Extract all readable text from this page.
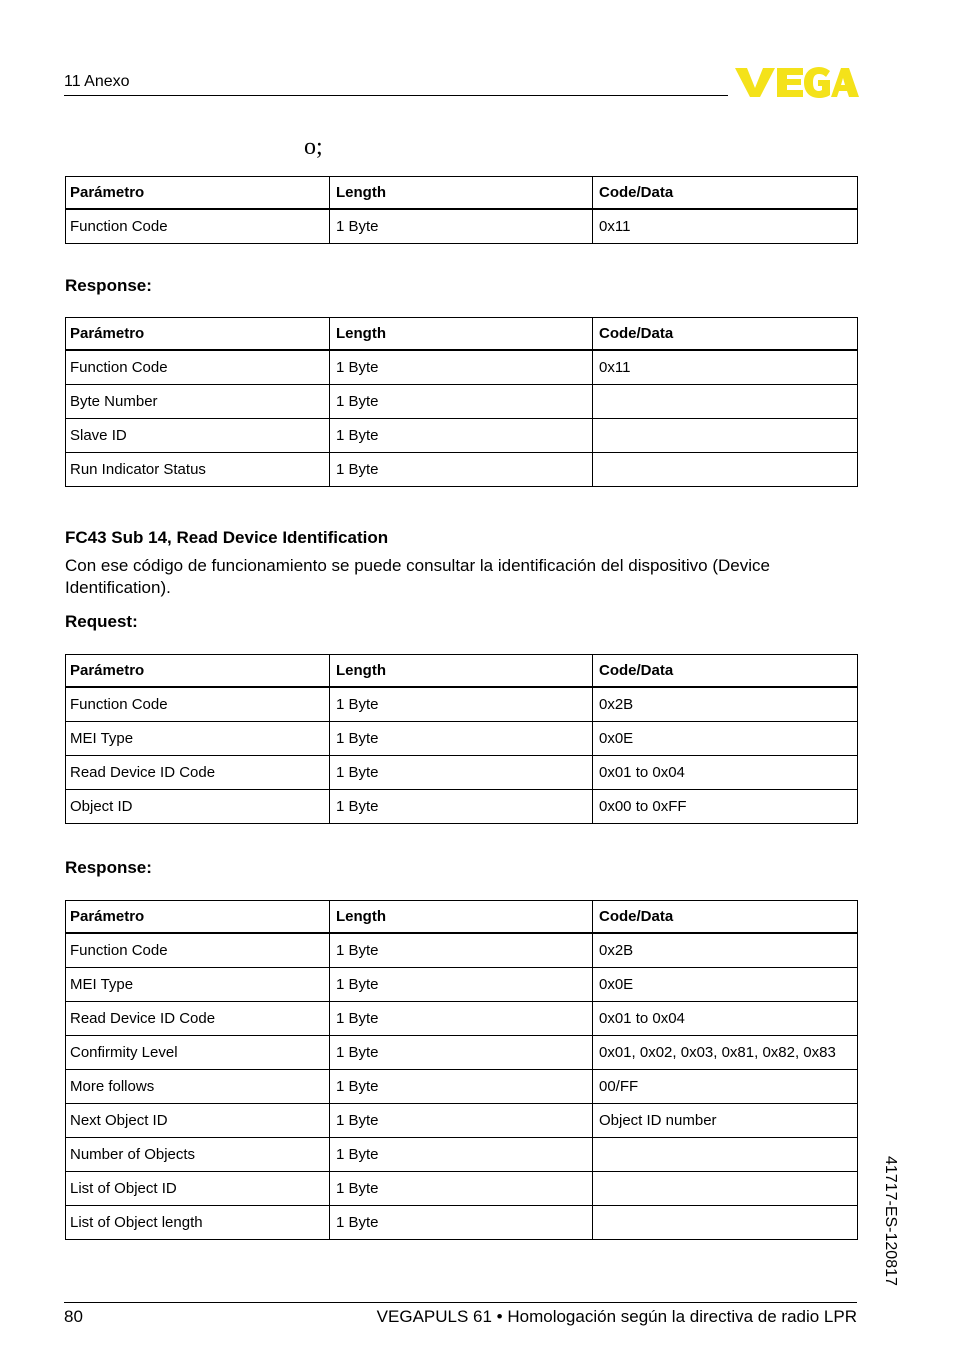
11 Anexo
o;
Parámetro	Length	Code/Data
Function Code	1 Byte	0x11
Response:
Parámetro	Length	Code/Data
Function Code	1 Byte	0x11
Byte Number	1 Byte	
Slave ID	1 Byte	
Run Indicator Status	1 Byte	
FC43 Sub 14, Read Device Identification
Con ese código de funcionamiento se puede consultar la identificación del dispositivo (Device Identification).
Request:
Parámetro	Length	Code/Data
Function Code	1 Byte	0x2B
MEI Type	1 Byte	0x0E
Read Device ID Code	1 Byte	0x01 to 0x04
Object ID	1 Byte	0x00 to 0xFF
Response:
Parámetro	Length	Code/Data
Function Code	1 Byte	0x2B
MEI Type	1 Byte	0x0E
Read Device ID Code	1 Byte	0x01 to 0x04
Confirmity Level	1 Byte	0x01, 0x02, 0x03, 0x81, 0x82, 0x83
More follows	1 Byte	00/FF
Next Object ID	1 Byte	Object ID number
Number of Objects	1 Byte	
List of Object ID	1 Byte	
List of Object length	1 Byte		41717-ES-120817
80	VEGAPULS 61 • Homologación según la directiva de radio LPR
